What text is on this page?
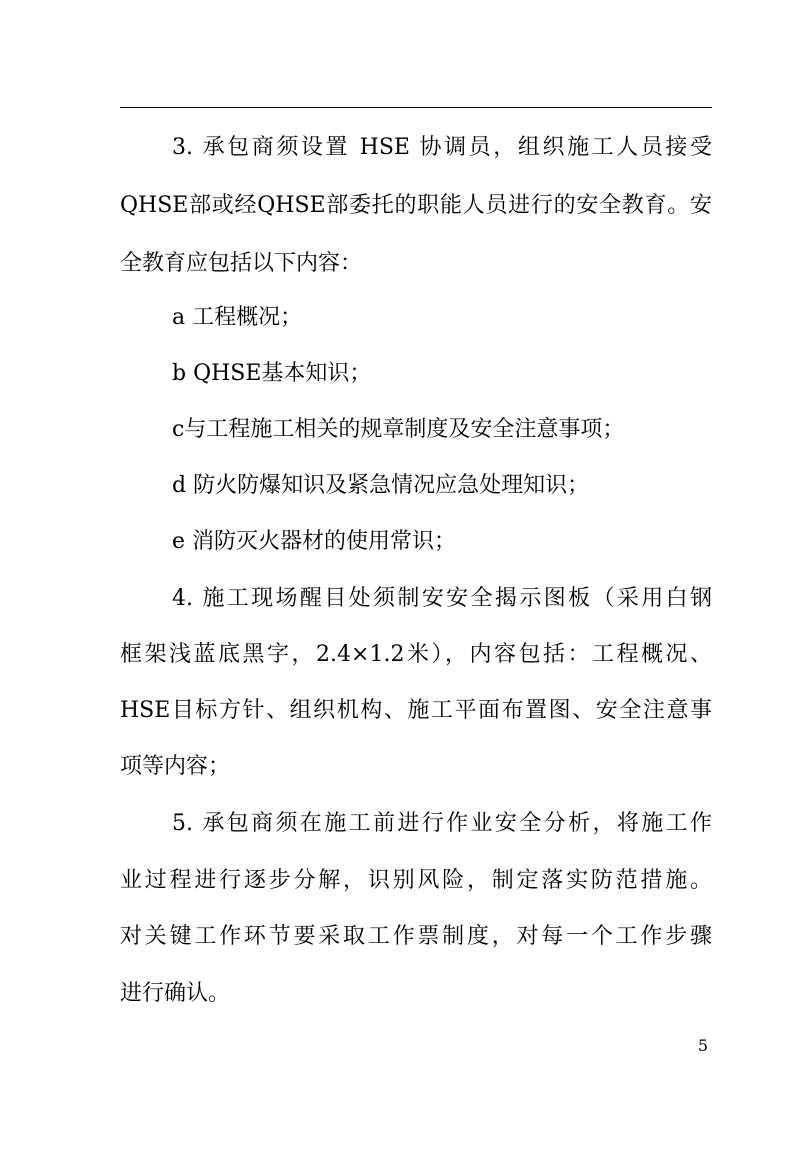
3. 承包商须设置 HSE 协调员，组织施工人员接受
QHSE部或经QHSE部委托的职能人员进行的安全教育。安
全教育应包括以下内容：
a 工程概况；
b QHSE基本知识；
c与工程施工相关的规章制度及安全注意事项；
d 防火防爆知识及紧急情况应急处理知识；
e 消防灭火器材的使用常识；
4. 施工现场醒目处须制安安全揭示图板（采用白钢
框架浅蓝底黑字，2.4×1.2米），内容包括：工程概况、
HSE目标方针、组织机构、施工平面布置图、安全注意事
项等内容；
5. 承包商须在施工前进行作业安全分析，将施工作
业过程进行逐步分解，识别风险，制定落实防范措施。
对关键工作环节要采取工作票制度，对每一个工作步骤
进行确认。
5
